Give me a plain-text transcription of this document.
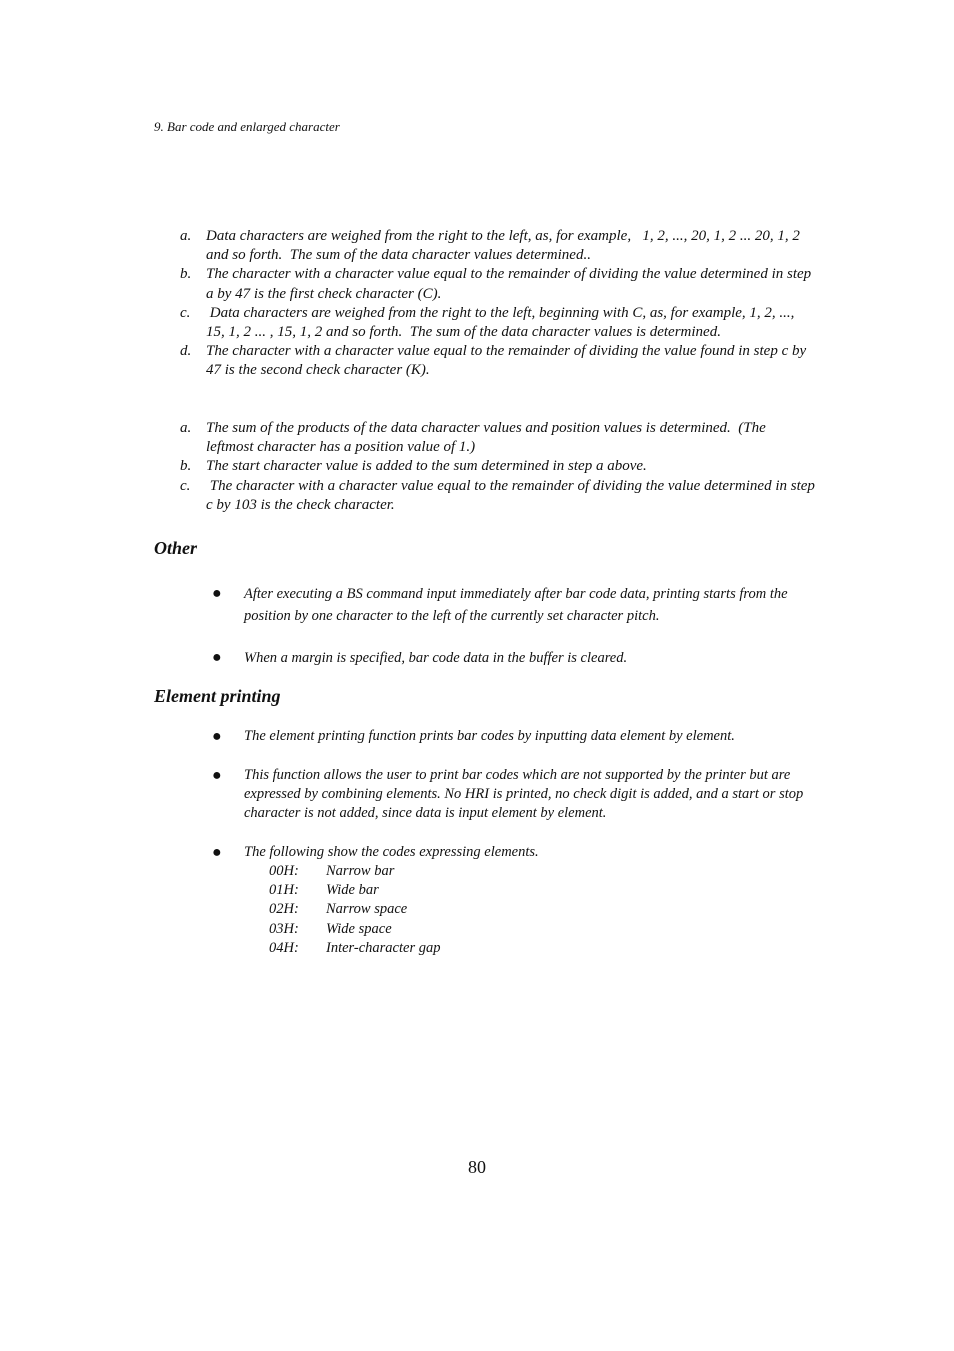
9. Bar code and enlarged character

a. Data characters are weighed from the right to the left, as, for example,   1, 2, ..., 20, 1, 2 ... 20, 1, 2 and so forth.  The sum of the data character values determined..
b. The character with a character value equal to the remainder of dividing the value determined in step a by 47 is the first check character (C).
c.	Data characters are weighed from the right to the left, beginning with C, as, for example, 1, 2, ..., 15, 1, 2 ... , 15, 1, 2 and so forth.  The sum of the data character values is determined.
d. The character with a character value equal to the remainder of dividing the value found in step c by 47 is the second check character (K).
a. The sum of the products of the data character values and position values is determined.  (The leftmost character has a position value of 1.)
b. The start character value is added to the sum determined in step a above.
c.	The character with a character value equal to the remainder of dividing the value determined in step c by 103 is the check character.
Other
●	After executing a BS command input immediately after bar code data, printing starts from the position by one character to the left of the currently set character pitch.
●	When a margin is specified, bar code data in the buffer is cleared.
Element printing
●	The element printing function prints bar codes by inputting data element by element.
●	This function allows the user to print bar codes which are not supported by the printer but are expressed by combining elements. No HRI is printed, no check digit is added, and a start or stop character is not added, since data is input element by element.
●	The following show the codes expressing elements.
00H:	Narrow bar
01H:	Wide bar
02H:	Narrow space
03H:	Wide space
04H:	Inter-character gap

80
